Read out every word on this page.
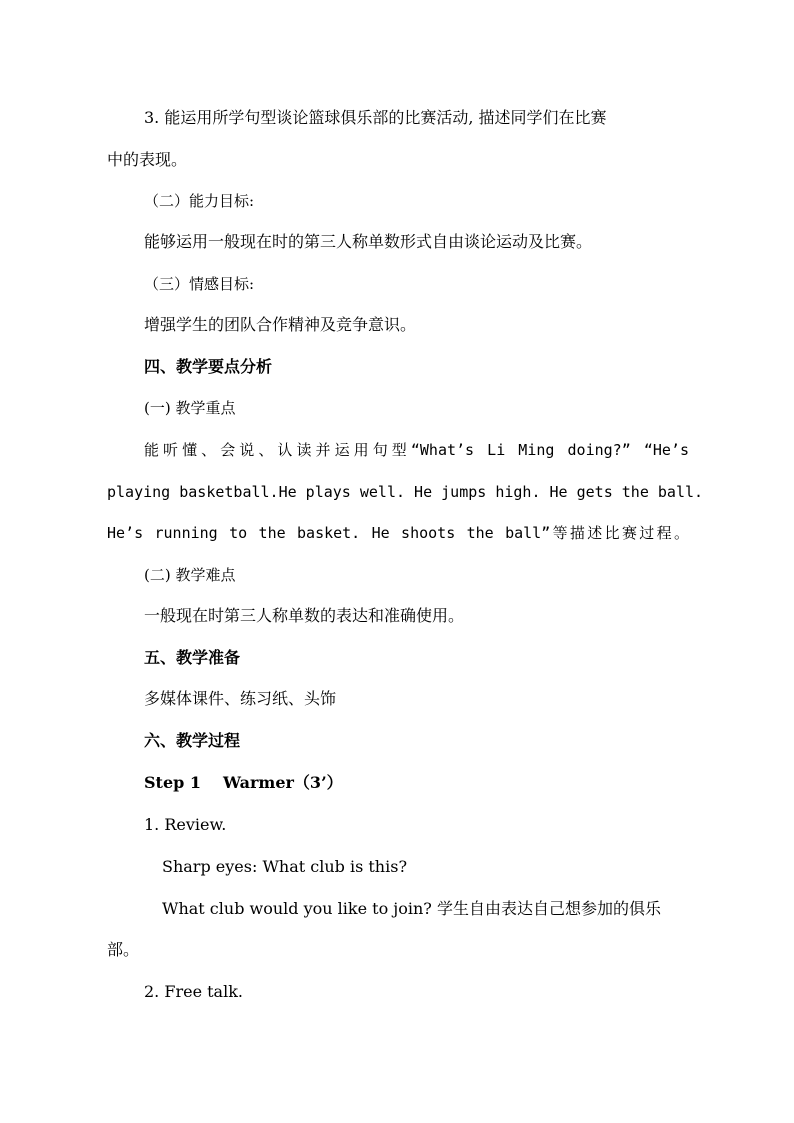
3. 能运用所学句型谈论篮球俱乐部的比赛活动, 描述同学们在比赛
中的表现。
（二）能力目标:
能够运用一般现在时的第三人称单数形式自由谈论运动及比赛。
（三）情感目标:
增强学生的团队合作精神及竞争意识。
四、教学要点分析
(一) 教学重点
能听懂、会说、认读并运用句型“What’s Li Ming doing?” “He’s
playing basketball.He plays well. He jumps high. He gets the ball.
He’s running to the basket. He shoots the ball”等描述比赛过程。
(二) 教学难点
一般现在时第三人称单数的表达和准确使用。
五、教学准备
多媒体课件、练习纸、头饰
六、教学过程
Step 1 Warmer（3’）
1. Review.
Sharp eyes: What club is this?
What club would you like to join? 学生自由表达自己想参加的俱乐
部。
2. Free talk.
